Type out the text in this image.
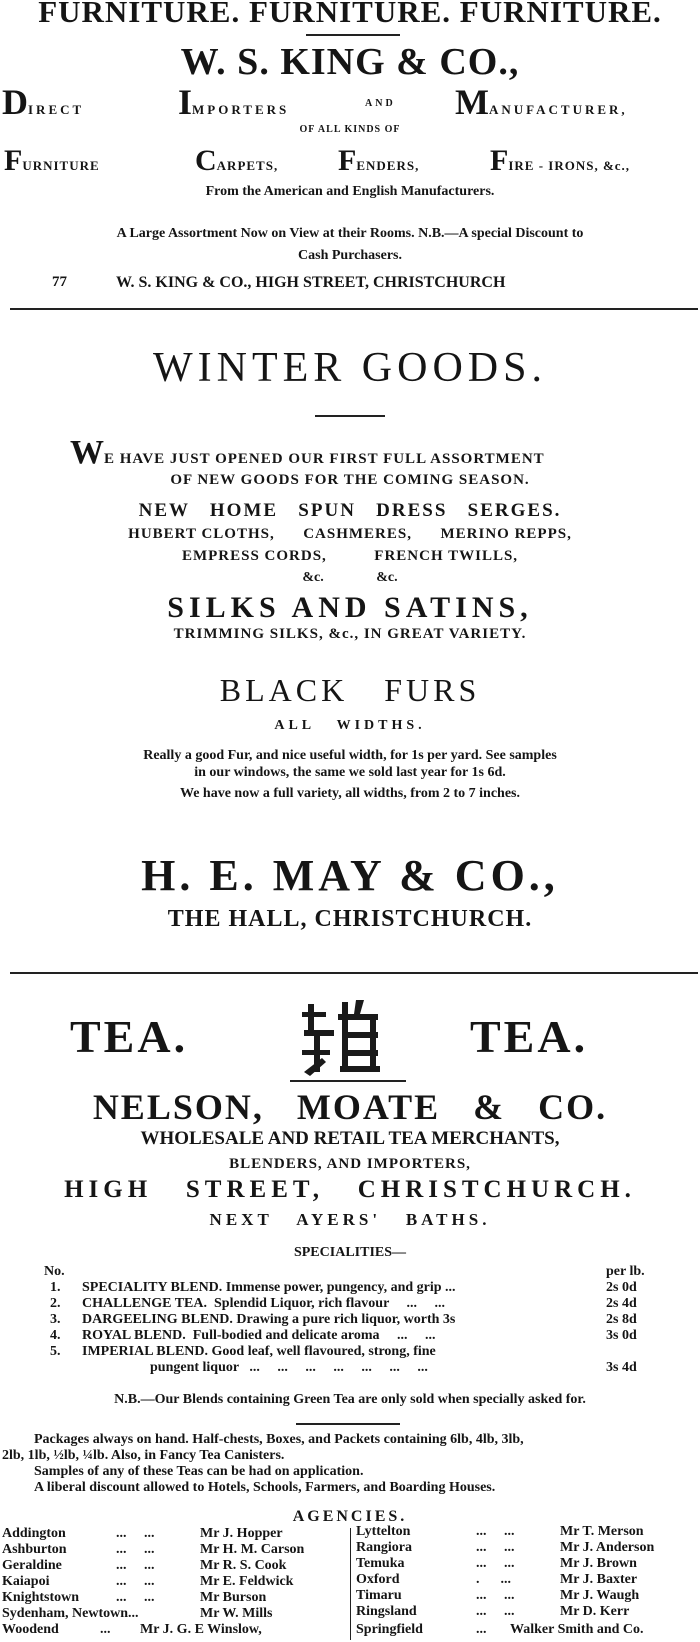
FURNITURE. FURNITURE. FURNITURE.
W. S. KING & CO.,
DIRECT	IMPORTERS	AND MANUFACTURER,
OF ALL KINDS OF
FURNITURE	CARPETS, FENDERS, FIRE - IRONS, &c.,
From the American and English Manufacturers.
A Large Assortment Now on View at their Rooms. N.B.—A special Discount to
Cash Purchasers.
77	W. S. KING & CO., HIGH STREET, CHRISTCHURCH
WINTER GOODS.
WE HAVE JUST OPENED OUR FIRST FULL ASSORTMENT
OF NEW GOODS FOR THE COMING SEASON.
NEW   HOME   SPUN   DRESS   SERGES.
HUBERT CLOTHS,      CASHMERES,      MERINO REPPS,
EMPRESS CORDS,          FRENCH TWILLS,
&c.               &c.
SILKS AND SATINS,
TRIMMING SILKS, &c., IN GREAT VARIETY.
BLACK   FURS
ALL   WIDTHS.
Really a good Fur, and nice useful width, for 1s per yard. See samples
in our windows, the same we sold last year for 1s 6d.
We have now a full variety, all widths, from 2 to 7 inches.
H. E. MAY & CO.,
THE HALL, CHRISTCHURCH.
TEA.	TEA.
NELSON,   MOATE   &   CO.
WHOLESALE AND RETAIL TEA MERCHANTS,
BLENDERS, AND IMPORTERS,
HIGH   STREET,   CHRISTCHURCH.
NEXT   AYERS'   BATHS.
SPECIALITIES—
No.	per lb.
1. SPECIALITY BLEND. Immense power, pungency, and grip ...	2s 0d
2. CHALLENGE TEA.  Splendid Liquor, rich flavour     ...     ...	2s 4d
3. DARGEELING BLEND. Drawing a pure rich liquor, worth 3s	2s 8d
4. ROYAL BLEND.  Full-bodied and delicate aroma     ...     ...	3s 0d
5. IMPERIAL BLEND. Good leaf, well flavoured, strong, fine
pungent liquor   ...     ...     ...     ...     ...     ...     ...	3s 4d
N.B.—Our Blends containing Green Tea are only sold when specially asked for.
Packages always on hand. Half-chests, Boxes, and Packets containing 6lb, 4lb, 3lb,
2lb, 1lb, ½lb, ¼lb. Also, in Fancy Tea Canisters.
Samples of any of these Teas can be had on application.
A liberal discount allowed to Hotels, Schools, Farmers, and Boarding Houses.
AGENCIES.
Addington	...     ...	Mr J. Hopper
Ashburton	...     ...	Mr H. M. Carson
Geraldine	...     ...	Mr R. S. Cook
Kaiapoi	...     ...	Mr E. Feldwick
Knightstown	...     ...	Mr Burson
Sydenham, Newtown...	Mr W. Mills
Woodend	... Mr J. G. E Winslow,
Lyttelton	...     ...	Mr T. Merson
Rangiora	...     ...	Mr J. Anderson
Temuka	...     ...	Mr J. Brown
Oxford	.      ...	Mr J. Baxter
Timaru	...     ...	Mr J. Waugh
Ringsland	...     ...	Mr D. Kerr
Springfield	... Walker Smith and Co.
